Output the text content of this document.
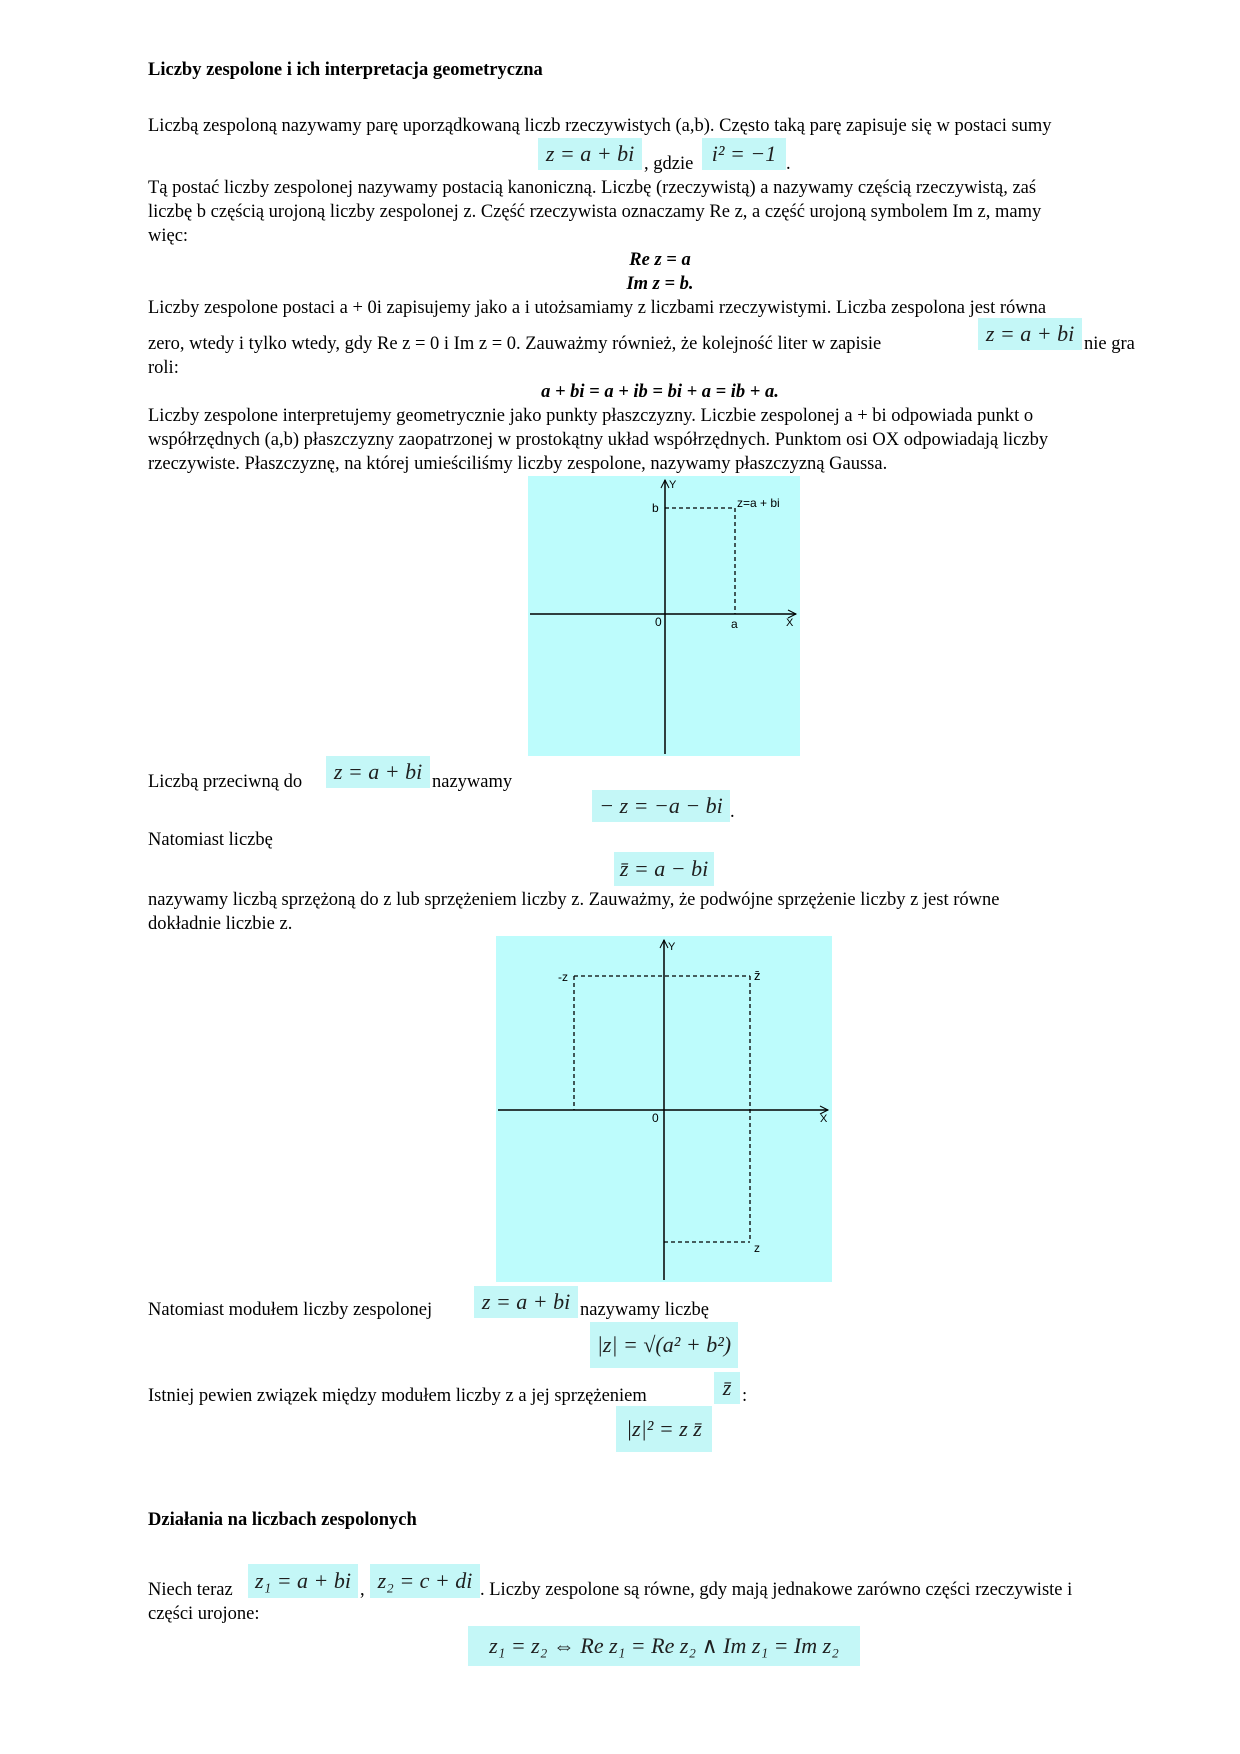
Liczby zespolone i ich interpretacja geometryczna
Liczbą zespoloną nazywamy parę uporządkowaną liczb rzeczywistych (a,b). Często taką parę zapisuje się w postaci sumy
z = a + bi , gdzie i² = −1 .
Tą postać liczby zespolonej nazywamy postacią kanoniczną. Liczbę (rzeczywistą) a nazywamy częścią rzeczywistą, zaś
liczbę b częścią urojoną liczby zespolonej z. Część rzeczywista oznaczamy Re z, a część urojoną symbolem Im z, mamy
więc:
Re z = a
Im z = b.
Liczby zespolone postaci a + 0i zapisujemy jako a i utożsamiamy z liczbami rzeczywistymi. Liczba zespolona jest równa
zero, wtedy i tylko wtedy, gdy Re z = 0 i Im z = 0. Zauważmy również, że kolejność liter w zapisie	z = a + bi nie gra
roli:
a + bi = a + ib = bi + a = ib + a.
Liczby zespolone interpretujemy geometrycznie jako punkty płaszczyzny. Liczbie zespolonej a + bi odpowiada punkt o
współrzędnych (a,b) płaszczyzny zaopatrzonej w prostokątny układ współrzędnych. Punktom osi OX odpowiadają liczby
rzeczywiste. Płaszczyznę, na której umieściliśmy liczby zespolone, nazywamy płaszczyzną Gaussa.
Y
X
0
b
a
z=a + bi
Liczbą przeciwną do	z = a + bi nazywamy
− z = −a − bi .
Natomiast liczbę
z̄ = a − bi
nazywamy liczbą sprzężoną do z lub sprzężeniem liczby z. Zauważmy, że podwójne sprzężenie liczby z jest równe
dokładnie liczbie z.
Y
X
0
-z	z̄
z
Natomiast modułem liczby zespolonej	z = a + bi nazywamy liczbę
|z| = √(a² + b²)
Istniej pewien związek między modułem liczby z a jej sprzężeniem	z̄ :
|z|² = z z̄
Działania na liczbach zespolonych
Niech teraz	z₁ = a + bi , z₂ = c + di . Liczby zespolone są równe, gdy mają jednakowe zarówno części rzeczywiste i
części urojone:
z₁ = z₂ ⇔ Re z₁ = Re z₂ ∧ Im z₁ = Im z₂
